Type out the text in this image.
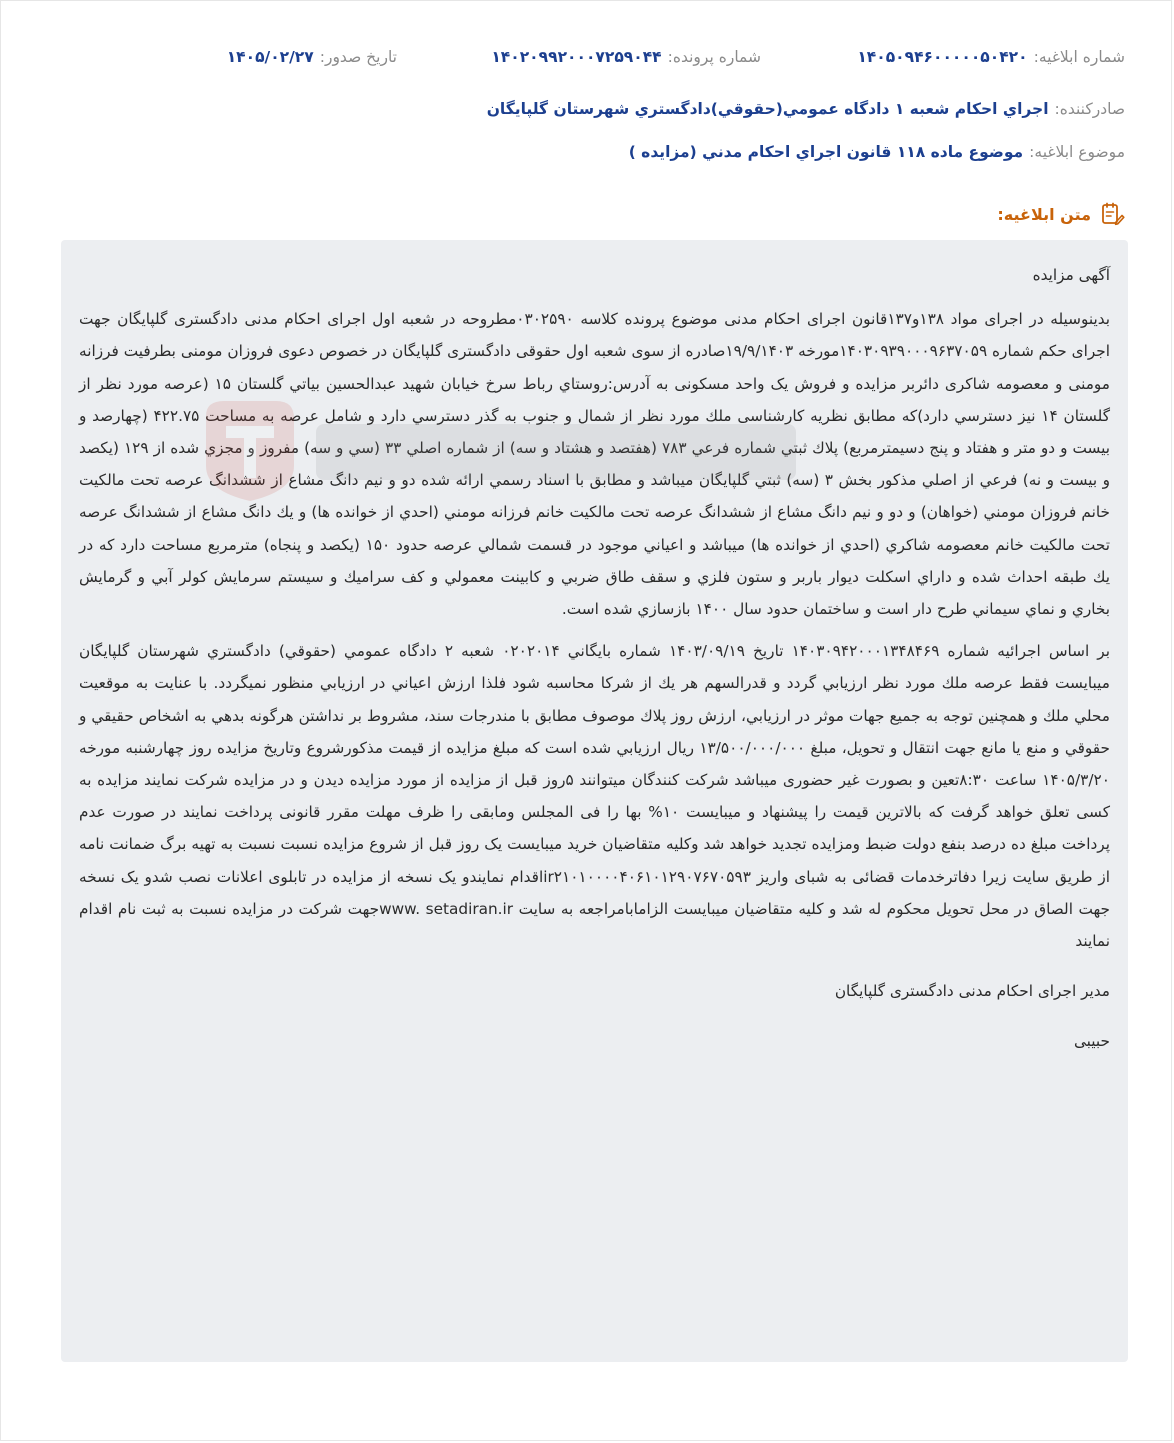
شماره ابلاغیه:
۱۴۰۵۰۹۴۶۰۰۰۰۰۵۰۴۲۰
شماره پرونده:
۱۴۰۲۰۹۹۲۰۰۰۷۲۵۹۰۴۴
تاریخ صدور:
۱۴۰۵/۰۲/۲۷
صادرکننده:
اجراي احکام شعبه ۱ دادگاه عمومي(حقوقي)دادگستري شهرستان گلپايگان
موضوع ابلاغیه:
موضوع ماده ۱۱۸ قانون اجراي احکام مدني (مزايده )
متن ابلاغیه:

آگهی مزایده

بدینوسیله در اجرای مواد ۱۳۸و۱۳۷قانون اجرای احکام مدنی موضوع پرونده کلاسه ۰۳۰۲۵۹۰مطروحه در شعبه اول اجرای احکام مدنی دادگستری گلپایگان جهت اجرای حکم شماره ۱۴۰۳۰۹۳۹۰۰۰۹۶۳۷۰۵۹مورخه ۱۹/۹/۱۴۰۳صادره از سوی شعبه اول حقوقی دادگستری گلپایگان در خصوص دعوی فروزان مومنی بطرفیت فرزانه مومنی و معصومه شاکری دائربر مزایده و فروش یک واحد مسکونی به آدرس:روستاي رباط سرخ خيابان شهيد عبدالحسين بياتي گلستان ۱۵ (عرصه مورد نظر از گلستان ۱۴ نيز دسترسي دارد)که مطابق نظريه کارشناسی ملك مورد نظر از شمال و جنوب به گذر دسترسي دارد و شامل عرصه به مساحت ۴۲۲.۷۵ (چهارصد و بيست و دو متر و هفتاد و پنج دسيمترمربع) پلاك ثبتي شماره فرعي ۷۸۳ (هفتصد و هشتاد و سه) از شماره اصلي ۳۳ (سي و سه) مفروز و مجزي شده از ۱۲۹ (يكصد و بيست و نه) فرعي از اصلي مذكور بخش ۳ (سه) ثبتي گلپايگان ميباشد و مطابق با اسناد رسمي ارائه شده دو و نيم دانگ مشاع از ششدانگ عرصه تحت مالكيت خانم فروزان مومني (خواهان) و دو و نيم دانگ مشاع از ششدانگ عرصه تحت مالكيت خانم فرزانه مومني (احدي از خوانده ها) و يك دانگ مشاع از ششدانگ عرصه تحت مالكيت خانم معصومه شاكري (احدي از خوانده ها) ميباشد و اعياني موجود در قسمت شمالي عرصه حدود ۱۵۰ (يكصد و پنجاه) مترمربع مساحت دارد كه در يك طبقه احداث شده و داراي اسكلت ديوار باربر و ستون فلزي و سقف طاق ضربي و كابينت معمولي و كف سراميك و سيستم سرمايش كولر آبي و گرمايش بخاري و نماي سيماني طرح دار است و ساختمان حدود سال ۱۴۰۰ بازسازي شده است.

بر اساس اجرائیه شماره ۱۴۰۳۰۹۴۲۰۰۰۱۳۴۸۴۶۹ تاريخ ۱۴۰۳/۰۹/۱۹ شماره بايگاني ۰۲۰۲۰۱۴ شعبه ۲ دادگاه عمومي (حقوقي) دادگستري شهرستان گلپايگان ميبايست فقط عرصه ملك مورد نظر ارزيابي گردد و قدرالسهم هر يك از شركا محاسبه شود فلذا ارزش اعياني در ارزيابي منظور نميگردد. با عنايت به موقعيت محلي ملك و همچنين توجه به جميع جهات موثر در ارزيابي، ارزش روز پلاك موصوف مطابق با مندرجات سند، مشروط بر نداشتن هرگونه بدهي به اشخاص حقيقي و حقوقي و منع يا مانع جهت انتقال و تحويل، مبلغ ۱۳/۵۰۰/۰۰۰/۰۰۰ ريال ارزيابي شده است که مبلغ مزایده از قیمت مذکورشروع وتاریخ مزایده روز چهارشنبه مورخه ۱۴۰۵/۳/۲۰ ساعت ۸:۳۰تعین و بصورت غیر حضوری میباشد شرکت کنندگان میتوانند ۵روز قبل از مزایده از مورد مزایده دیدن و در مزایده شرکت نمایند مزایده به کسی تعلق خواهد گرفت که بالاترین قیمت را پیشنهاد و میبایست ۱۰% بها را فی المجلس ومابقی را ظرف مهلت مقرر قانونی پرداخت نمایند در صورت عدم پرداخت مبلغ ده درصد بنفع دولت ضبط ومزایده تجدید خواهد شد وکلیه متقاضیان خرید میبایست یک روز قبل از شروع مزایده نسبت نسبت به تهیه برگ ضمانت نامه از طریق سایت زیرا دفاترخدمات قضائی به شبای واریز ir۲۱۰۱۰۰۰۰۴۰۶۱۰۱۲۹۰۷۶۷۰۵۹۳اقدام نمایندو یک نسخه از مزایده در تابلوی اعلانات نصب شدو یک نسخه جهت الصاق در محل تحویل محکوم له شد و کلیه متقاضیان میبایست الزامابامراجعه به سایت www. setadiran.irجهت شرکت در مزایده نسبت به ثبت نام اقدام نمایند

مدیر اجرای احکام مدنی دادگستری گلپایگان

حبیبی
